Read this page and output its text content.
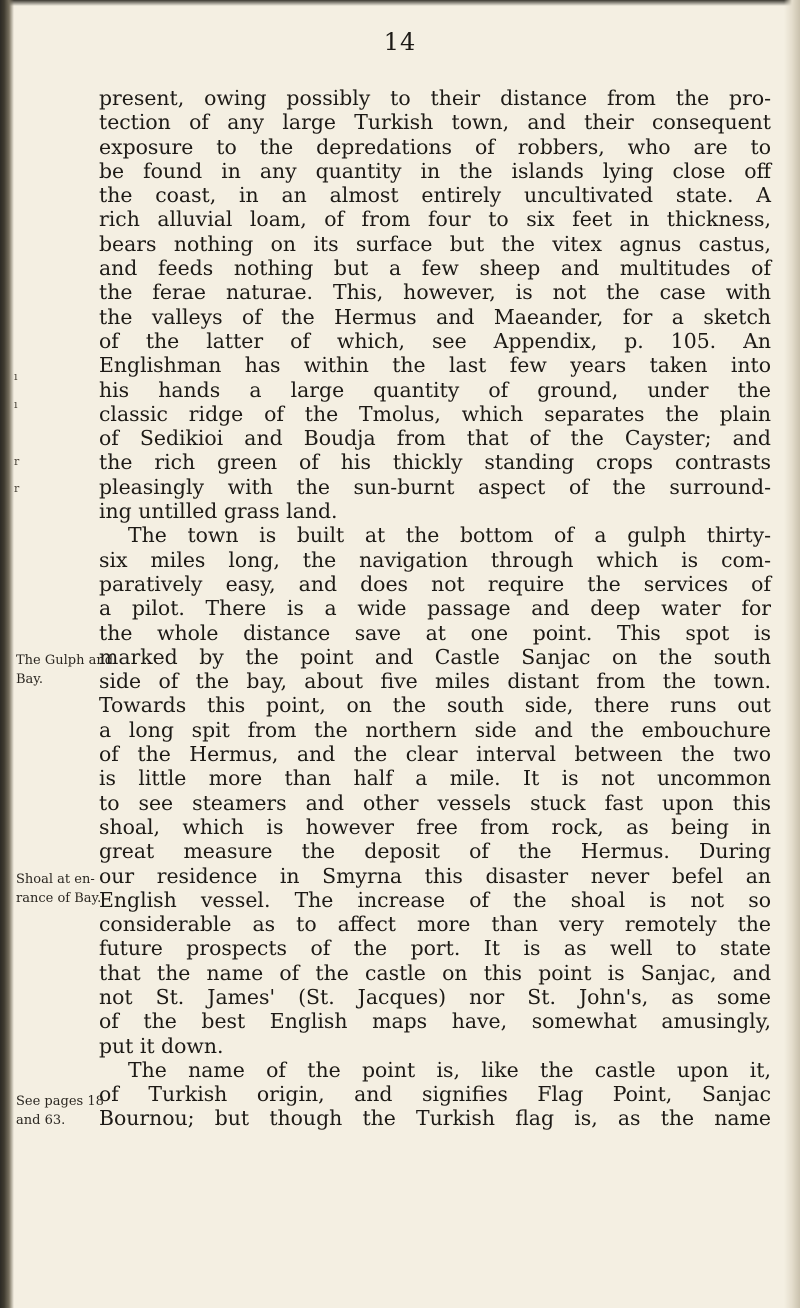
14
ı
ı
r
r
The Gulph and
Bay.
Shoal at en-
rance of Bay.
See pages 18
and 63.
present, owing possibly to their distance from the pro-
tection of any large Turkish town, and their consequent
exposure to the depredations of robbers, who are to
be found in any quantity in the islands lying close off
the coast, in an almost entirely uncultivated state. A
rich alluvial loam, of from four to six feet in thickness,
bears nothing on its surface but the vitex agnus castus,
and feeds nothing but a few sheep and multitudes of
the ferae naturae. This, however, is not the case with
the valleys of the Hermus and Maeander, for a sketch
of the latter of which, see Appendix, p. 105. An
Englishman has within the last few years taken into
his hands a large quantity of ground, under the
classic ridge of the Tmolus, which separates the plain
of Sedikioi and Boudja from that of the Cayster; and
the rich green of his thickly standing crops contrasts
pleasingly with the sun-burnt aspect of the surround-
ing untilled grass land.
The town is built at the bottom of a gulph thirty-
six miles long, the navigation through which is com-
paratively easy, and does not require the services of
a pilot. There is a wide passage and deep water for
the whole distance save at one point. This spot is
marked by the point and Castle Sanjac on the south
side of the bay, about five miles distant from the town.
Towards this point, on the south side, there runs out
a long spit from the northern side and the embouchure
of the Hermus, and the clear interval between the two
is little more than half a mile. It is not uncommon
to see steamers and other vessels stuck fast upon this
shoal, which is however free from rock, as being in
great measure the deposit of the Hermus. During
our residence in Smyrna this disaster never befel an
English vessel. The increase of the shoal is not so
considerable as to affect more than very remotely the
future prospects of the port. It is as well to state
that the name of the castle on this point is Sanjac, and
not St. James' (St. Jacques) nor St. John's, as some
of the best English maps have, somewhat amusingly,
put it down.
The name of the point is, like the castle upon it,
of Turkish origin, and signifies Flag Point, Sanjac
Bournou; but though the Turkish flag is, as the name
